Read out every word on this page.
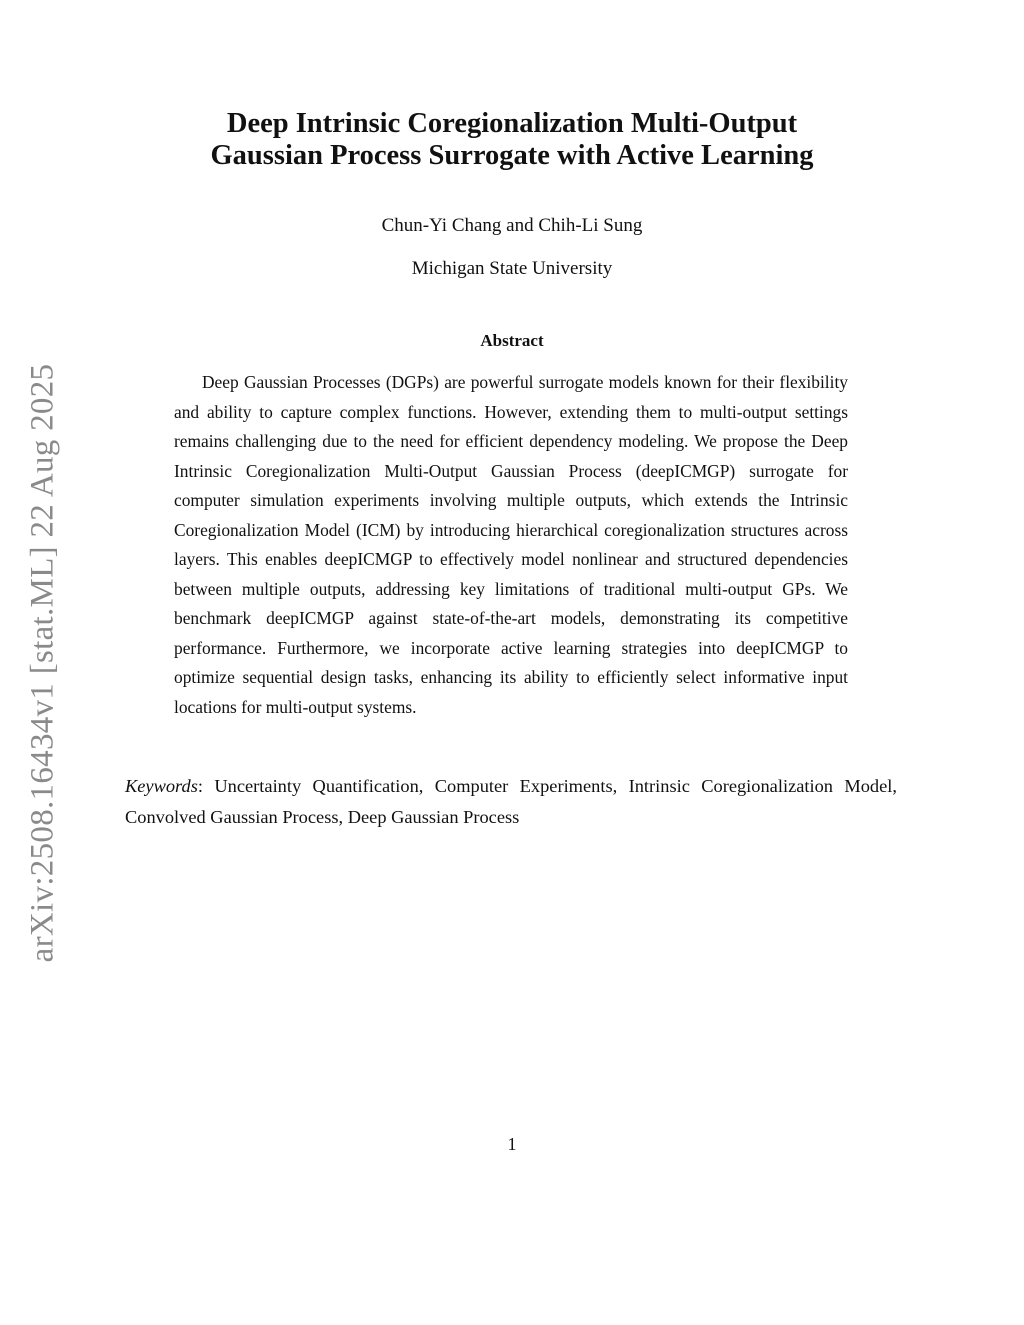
arXiv:2508.16434v1 [stat.ML] 22 Aug 2025
Deep Intrinsic Coregionalization Multi-Output
Gaussian Process Surrogate with Active Learning
Chun-Yi Chang and Chih-Li Sung
Michigan State University
Abstract

Deep Gaussian Processes (DGPs) are powerful surrogate models known for their flexibility and ability to capture complex functions. However, extending them to multi-output settings remains challenging due to the need for efficient dependency modeling. We propose the Deep Intrinsic Coregionalization Multi-Output Gaussian Process (deepICMGP) surrogate for computer simulation experiments involving multiple outputs, which extends the Intrinsic Coregionalization Model (ICM) by introducing hierarchical coregionalization structures across layers. This enables deepICMGP to effectively model nonlinear and structured dependencies between multiple outputs, addressing key limitations of traditional multi-output GPs. We benchmark deepICMGP against state-of-the-art models, demonstrating its competitive performance. Furthermore, we incorporate active learning strategies into deepICMGP to optimize sequential design tasks, enhancing its ability to efficiently select informative input locations for multi-output systems.

Keywords: Uncertainty Quantification, Computer Experiments, Intrinsic Coregionalization Model, Convolved Gaussian Process, Deep Gaussian Process

1
